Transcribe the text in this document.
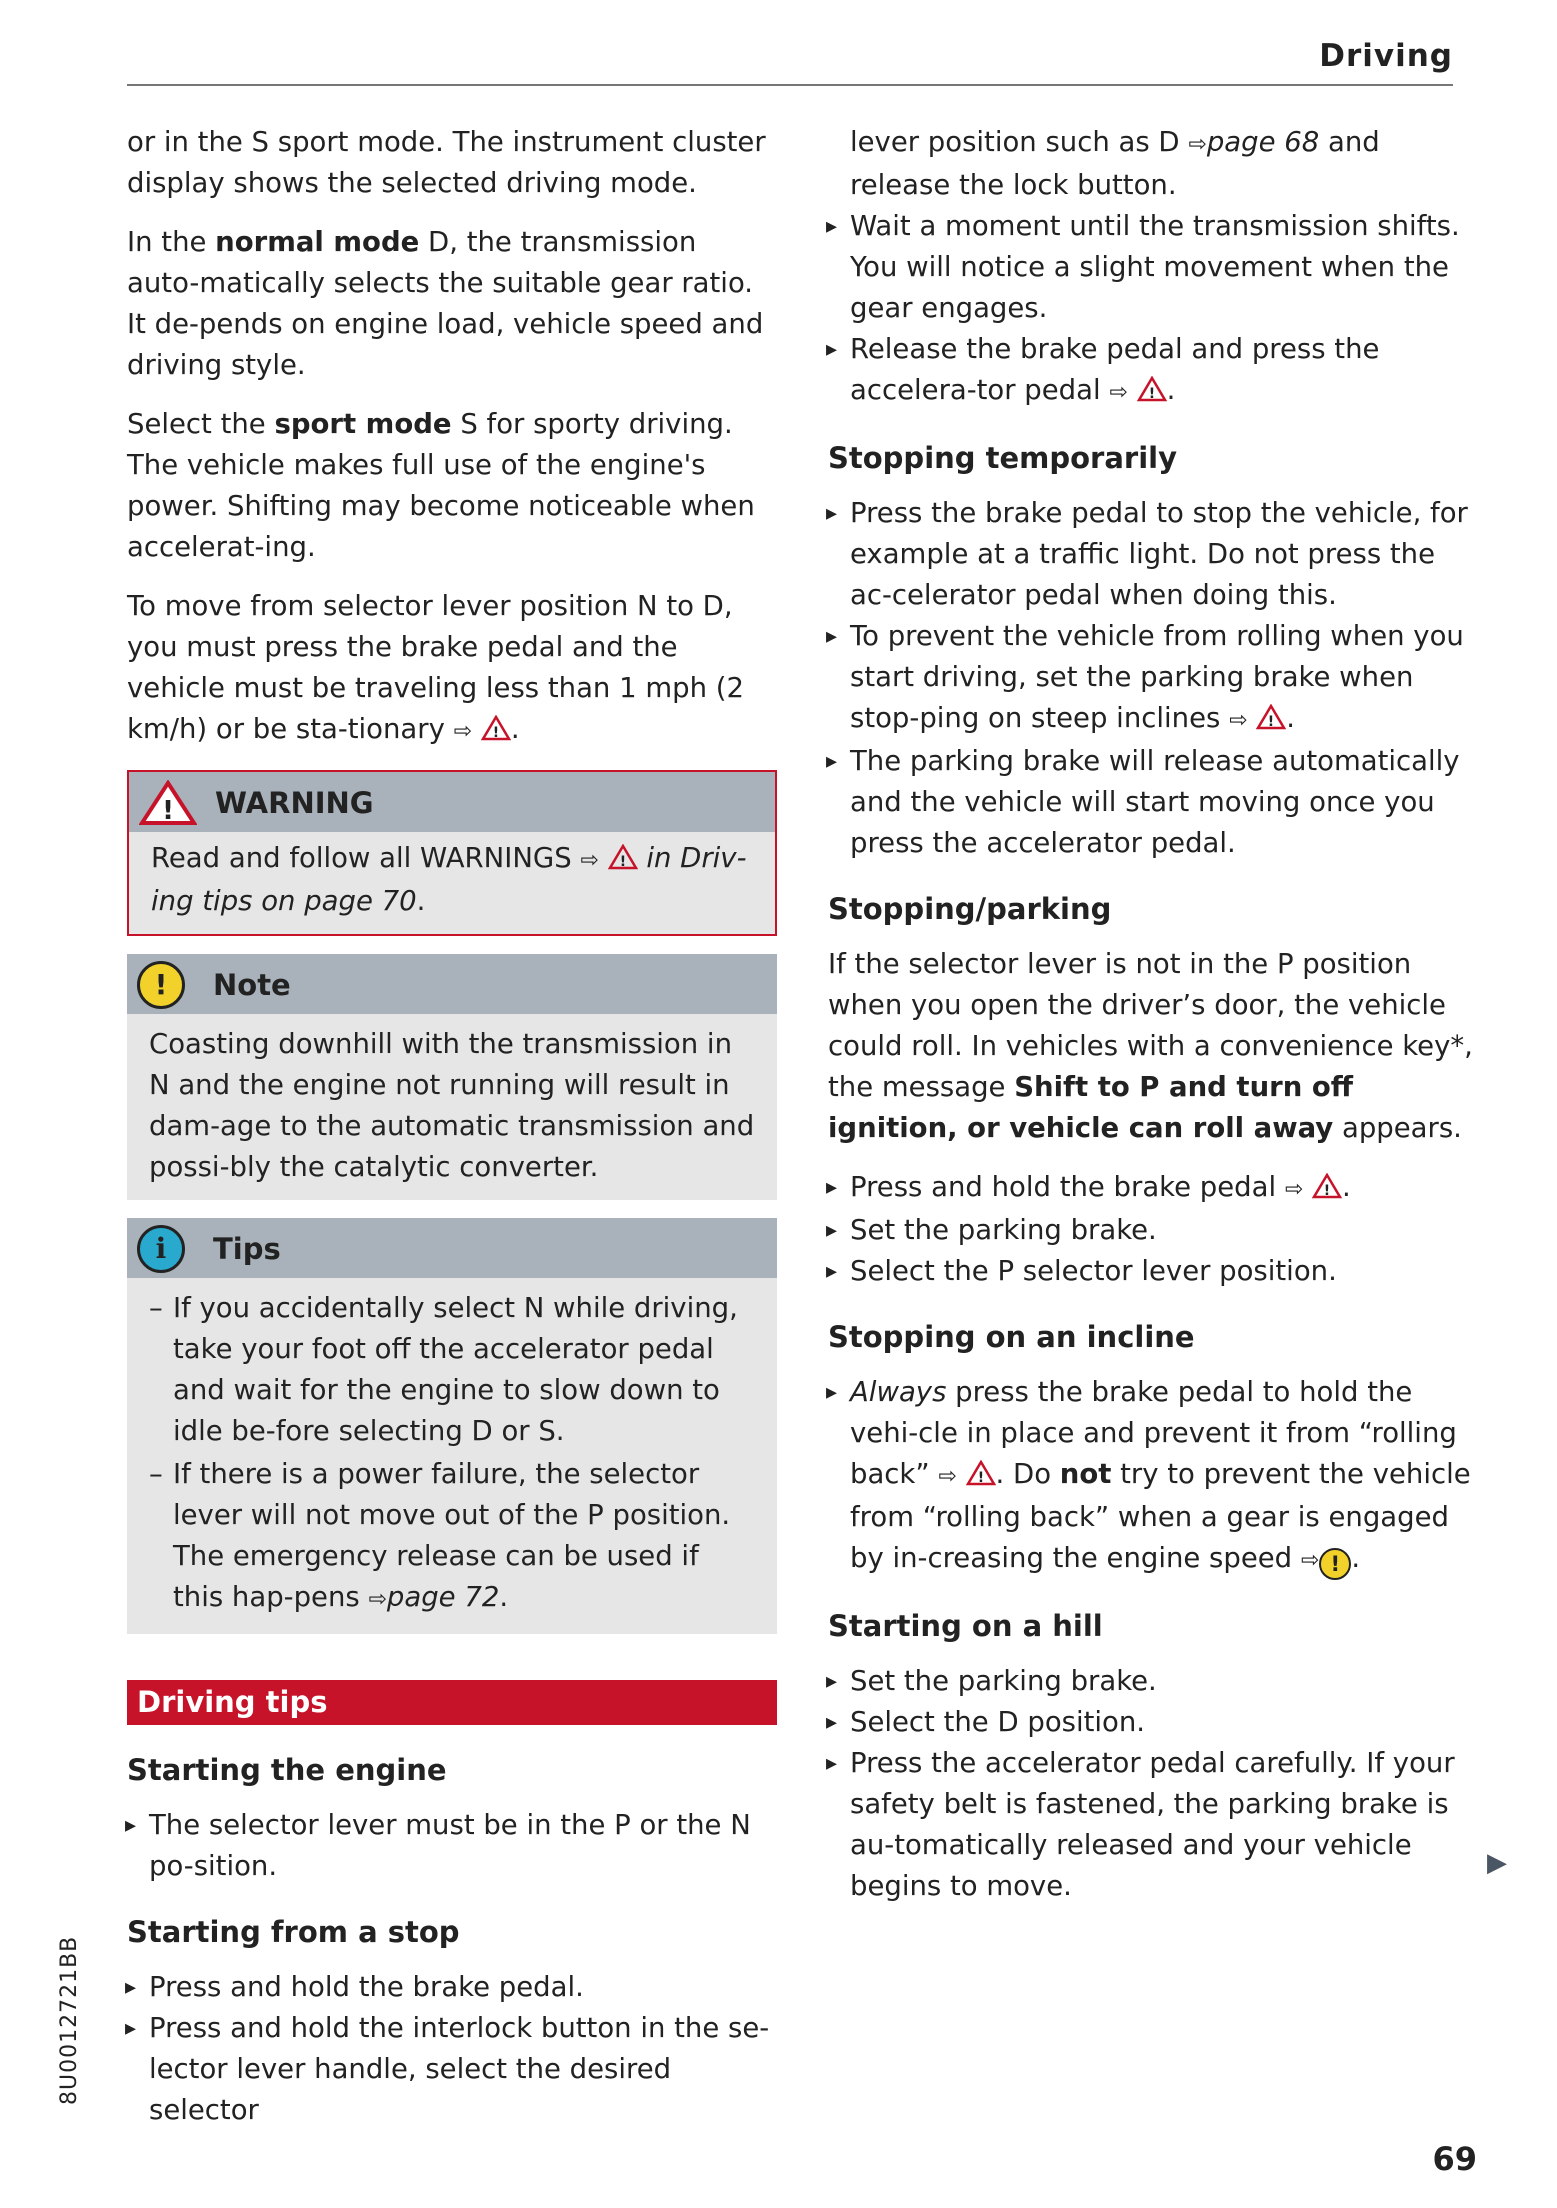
Driving

or in the S sport mode. The instrument cluster display shows the selected driving mode.

In the normal mode D, the transmission auto-matically selects the suitable gear ratio. It de-pends on engine load, vehicle speed and driving style.

Select the sport mode S for sporty driving. The vehicle makes full use of the engine's power. Shifting may become noticeable when accelerat-ing.

To move from selector lever position N to D, you must press the brake pedal and the vehicle must be traveling less than 1 mph (2 km/h) or be sta-tionary ⇨ ! .

! WARNING
Read and follow all WARNINGS ⇨ ! in Driv-ing tips on page 70.
!	Note
Coasting downhill with the transmission in N and the engine not running will result in dam-age to the automatic transmission and possi-bly the catalytic converter.
i	Tips
– If you accidentally select N while driving, take your foot off the accelerator pedal and wait for the engine to slow down to idle be-fore selecting D or S.
– If there is a power failure, the selector lever will not move out of the P position. The emergency release can be used if this hap-pens ⇨page 72.
Driving tips
Starting the engine
▸ The selector lever must be in the P or the N po-sition.
Starting from a stop
▸ Press and hold the brake pedal.
▸ Press and hold the interlock button in the se-lector lever handle, select the desired selector
lever position such as D ⇨page 68 and release the lock button.
▸ Wait a moment until the transmission shifts. You will notice a slight movement when the gear engages.
▸ Release the brake pedal and press the accelera-tor pedal ⇨ ! .
Stopping temporarily
▸ Press the brake pedal to stop the vehicle, for example at a traffic light. Do not press the ac-celerator pedal when doing this.
▸ To prevent the vehicle from rolling when you start driving, set the parking brake when stop-ping on steep inclines ⇨ ! .
▸ The parking brake will release automatically and the vehicle will start moving once you press the accelerator pedal.
Stopping/parking

If the selector lever is not in the P position when you open the driver’s door, the vehicle could roll. In vehicles with a convenience key*, the message Shift to P and turn off ignition, or vehicle can roll away appears.

▸ Press and hold the brake pedal ⇨ ! .
▸ Set the parking brake.
▸ Select the P selector lever position.
Stopping on an incline
▸ Always press the brake pedal to hold the vehi-cle in place and prevent it from “rolling back” ⇨ ! . Do not try to prevent the vehicle from “rolling back” when a gear is engaged by in-creasing the engine speed ⇨ ! .
Starting on a hill
▸ Set the parking brake.
▸ Select the D position.
▸ Press the accelerator pedal carefully. If your safety belt is fastened, the parking brake is au-tomatically released and your vehicle begins to move.
▶
8U0012721BB
69
